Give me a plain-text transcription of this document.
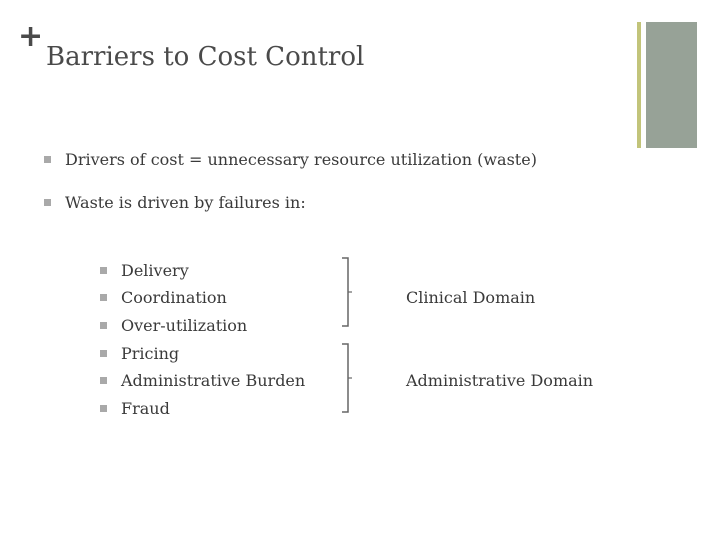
+
Barriers to Cost Control
Drivers of cost = unnecessary resource utilization (waste)
Waste is driven by failures in:
Delivery
Coordination
Over-utilization
Pricing
Administrative Burden
Fraud
Clinical Domain
Administrative Domain
